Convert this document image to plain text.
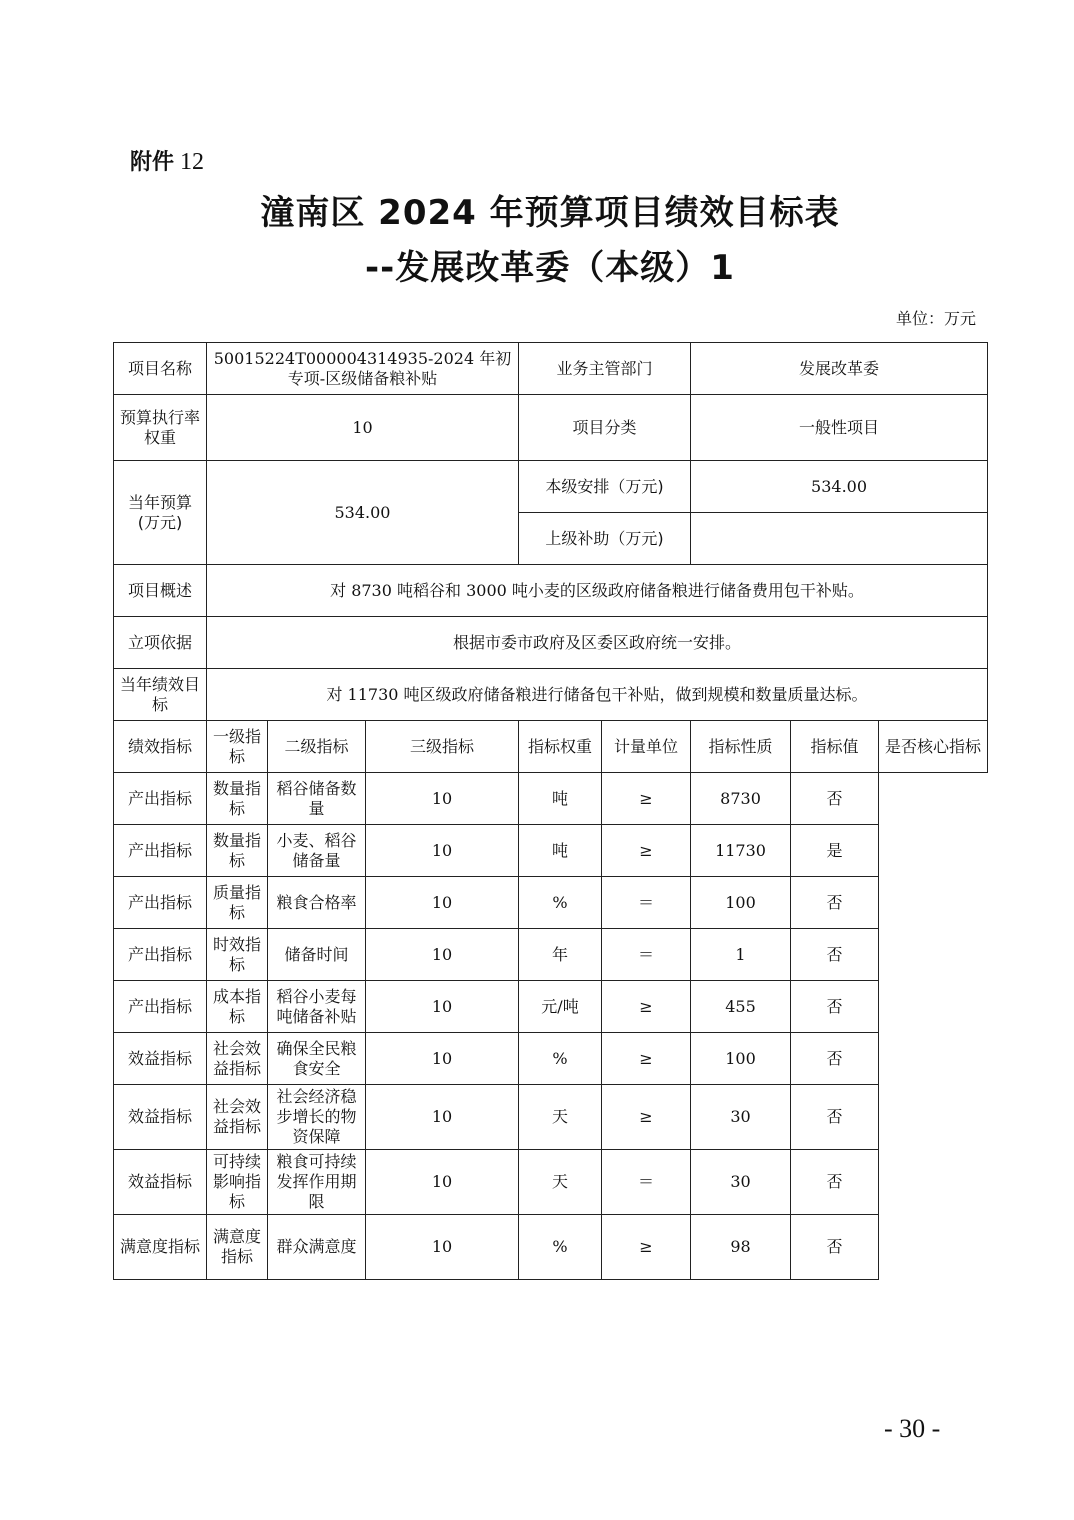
附件 12
潼南区 2024 年预算项目绩效目标表
--发展改革委（本级）1
单位：万元
项目名称	50015224T000004314935-2024 年初专项-区级储备粮补贴			业务主管部门		发展改革委		
预算执行率权重	10			项目分类		一般性项目		
当年预算(万元)	534.00			本级安排（万元)		534.00		
				上级补助（万元)				
项目概述	对 8730 吨稻谷和 3000 吨小麦的区级政府储备粮进行储备费用包干补贴。							
立项依据	根据市委市政府及区委区政府统一安排。							
当年绩效目标	对 11730 吨区级政府储备粮进行储备包干补贴，做到规模和数量质量达标。							
绩效指标	一级指标	二级指标	三级指标	指标权重	计量单位	指标性质	指标值	是否核心指标
产出指标	数量指标	稻谷储备数量	10	吨	≥	8730	否	
产出指标	数量指标	小麦、稻谷储备量	10	吨	≥	11730	是	
产出指标	质量指标	粮食合格率	10	%	＝	100	否	
产出指标	时效指标	储备时间	10	年	＝	1	否	
产出指标	成本指标	稻谷小麦每吨储备补贴	10	元/吨	≥	455	否	
效益指标	社会效益指标	确保全民粮食安全	10	%	≥	100	否	
效益指标	社会效益指标	社会经济稳步增长的物资保障	10	天	≥	30	否	
效益指标	可持续影响指标	粮食可持续发挥作用期限	10	天	＝	30	否	
满意度指标	满意度指标	群众满意度	10	%	≥	98	否	
- 30 -
